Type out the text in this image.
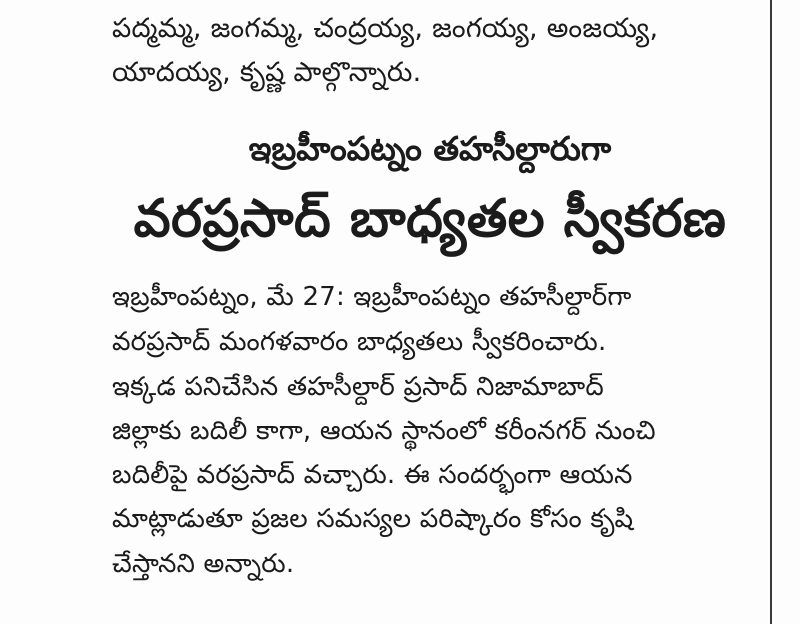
పద్మమ్మ, జంగమ్మ, చంద్రయ్య, జంగయ్య, అంజయ్య,
యాదయ్య, కృష్ణ పాల్గొన్నారు.
ఇబ్రహీంపట్నం తహసీల్దారుగా
వరప్రసాద్ బాధ్యతల స్వీకరణ
ఇబ్రహీంపట్నం, మే 27: ఇబ్రహీంపట్నం తహసీల్దార్‌గా
వరప్రసాద్ మంగళవారం బాధ్యతలు స్వీకరించారు.
ఇక్కడ పనిచేసిన తహసీల్దార్ ప్రసాద్ నిజామాబాద్
జిల్లాకు బదిలీ కాగా, ఆయన స్థానంలో కరీంనగర్ నుంచి
బదిలీపై వరప్రసాద్ వచ్చారు. ఈ సందర్భంగా ఆయన
మాట్లాడుతూ ప్రజల సమస్యల పరిష్కారం కోసం కృషి
చేస్తానని అన్నారు.
